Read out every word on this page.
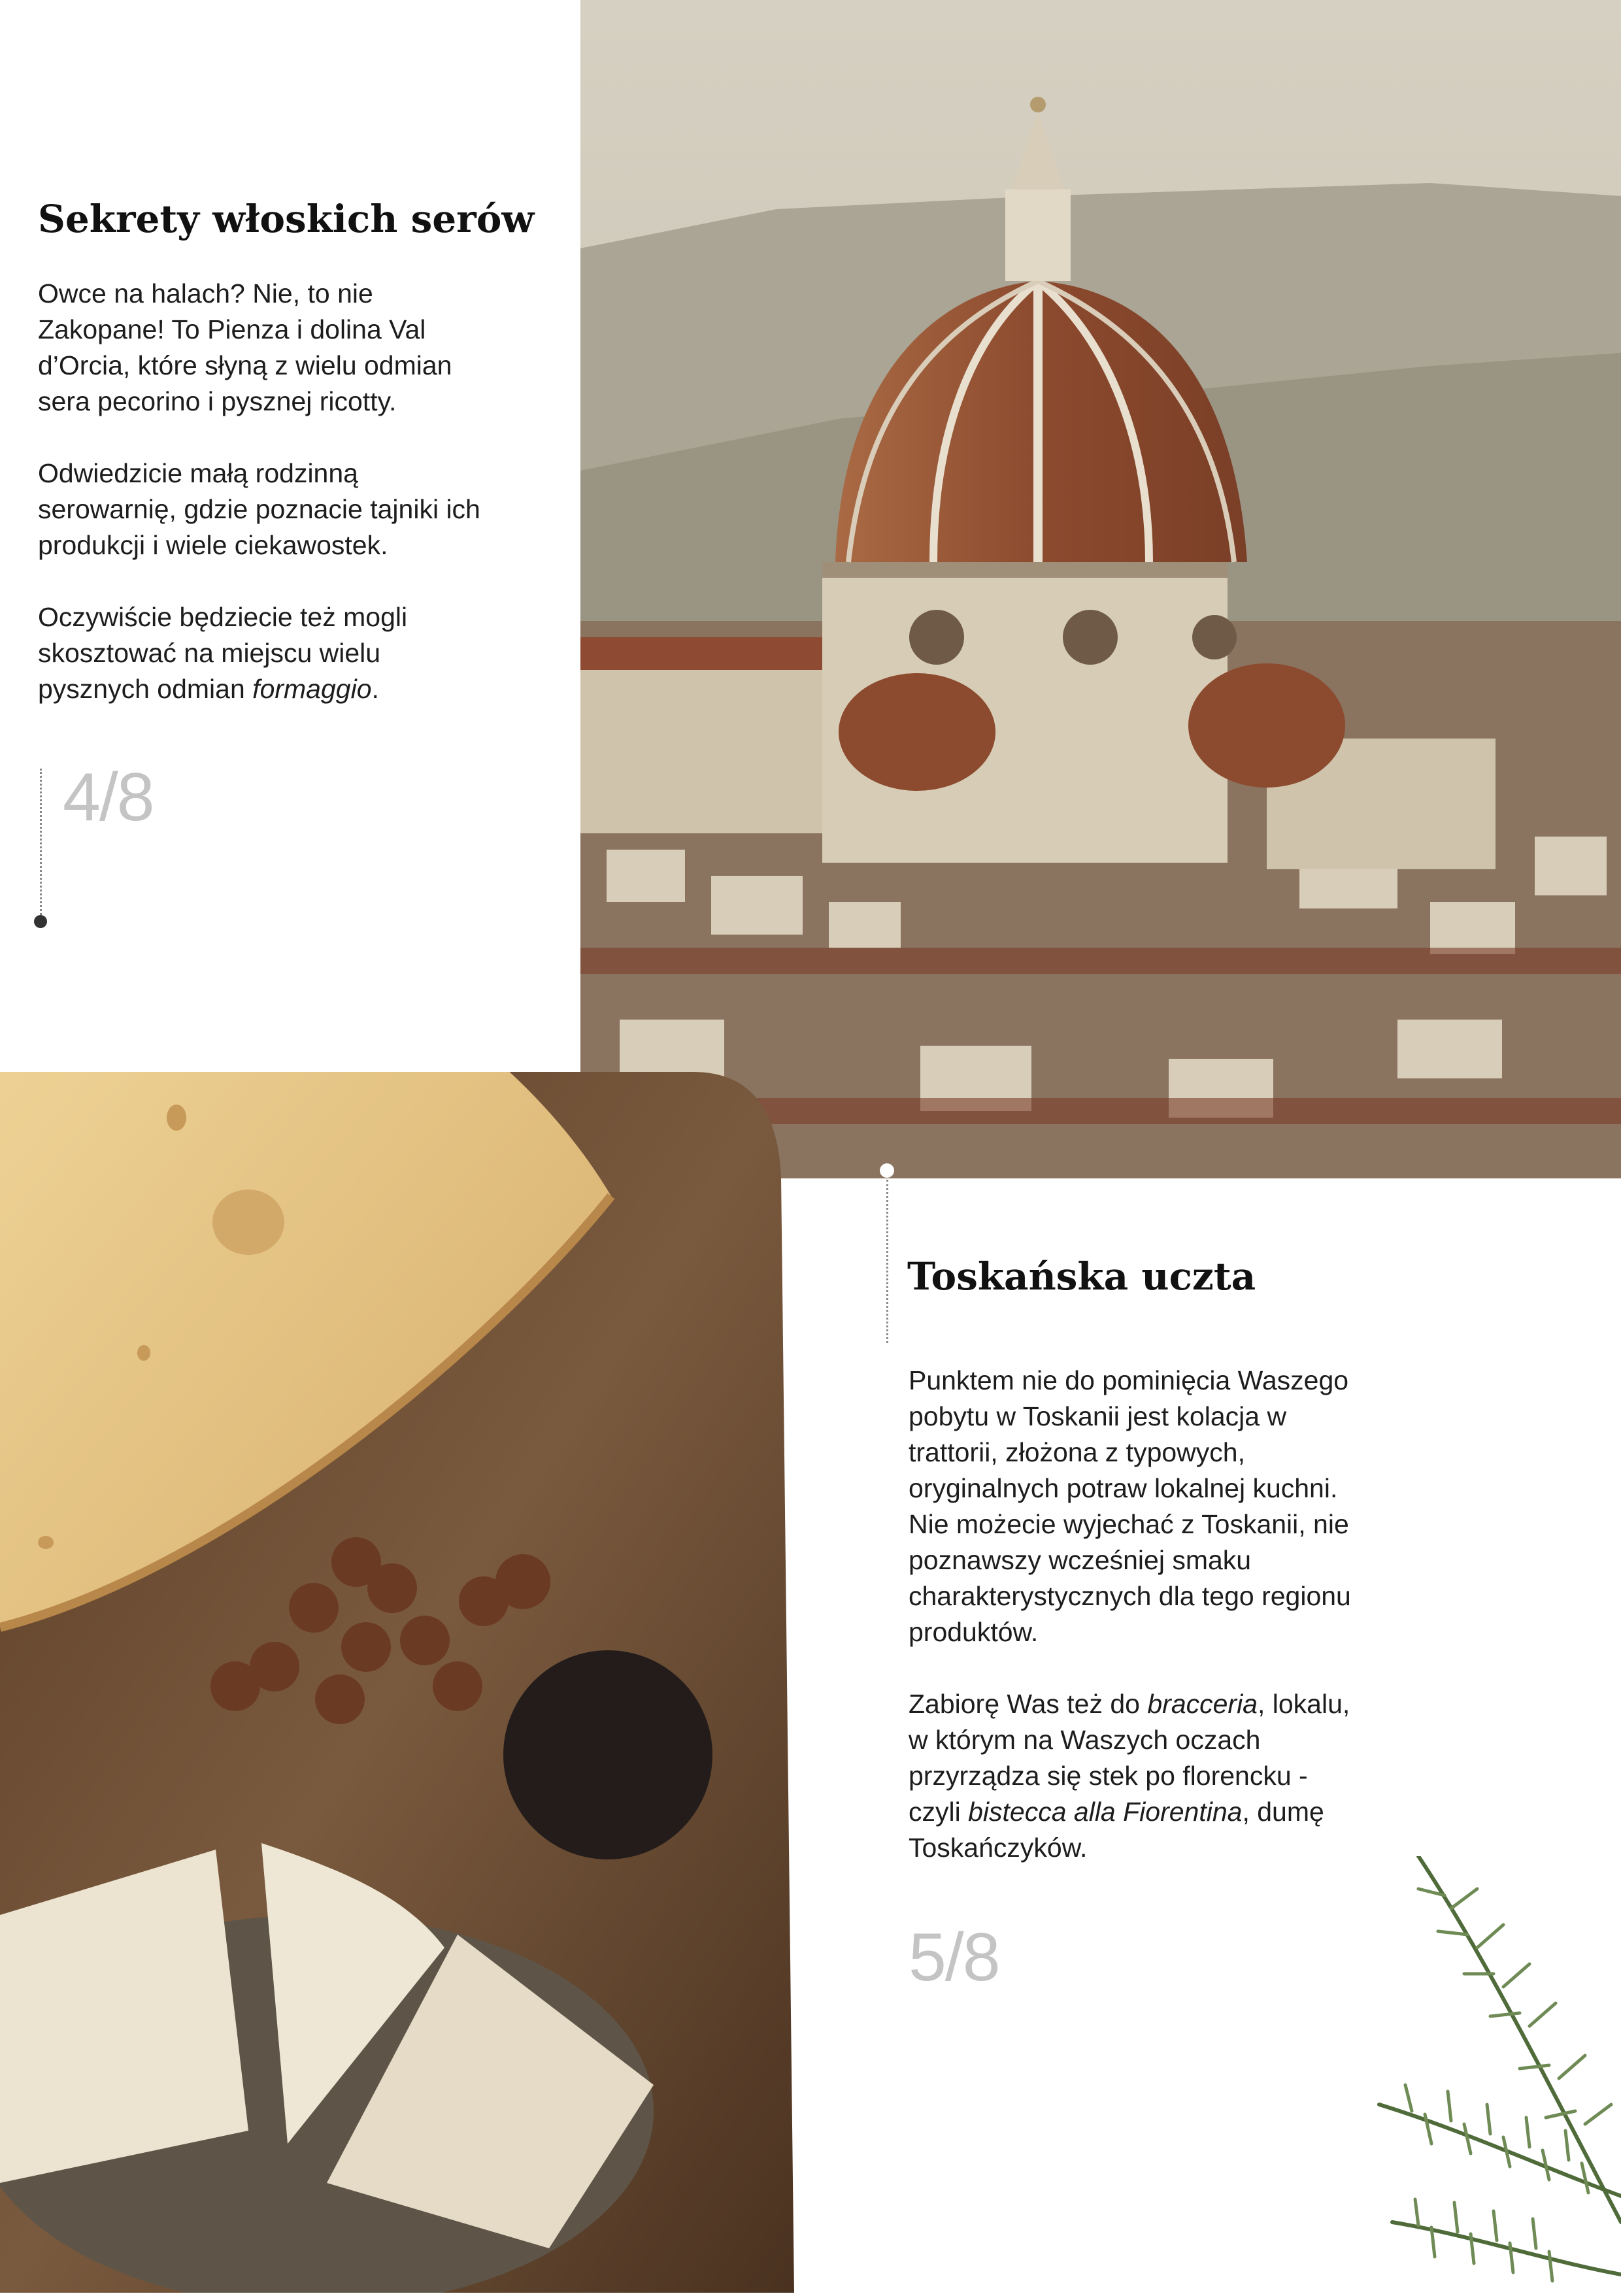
Sekrety włoskich serów

Owce na halach? Nie, to nie Zakopane! To Pienza i dolina Val d’Orcia, które słyną z wielu odmian sera pecorino i pysznej ricotty.

Odwiedzicie małą rodzinną serowarnię, gdzie poznacie tajniki ich produkcji i wiele ciekawostek.

Oczywiście będziecie też mogli skosztować na miejscu wielu pysznych odmian formaggio.

4/8
Toskańska uczta

Punktem nie do pominięcia Waszego pobytu w Toskanii jest kolacja w trattorii, złożona z typowych, oryginalnych potraw lokalnej kuchni. Nie możecie wyjechać z Toskanii, nie poznawszy wcześniej smaku charakterystycznych dla tego regionu produktów.

Zabiorę Was też do bracceria, lokalu, w którym na Waszych oczach przyrządza się stek po florencku - czyli bistecca alla Fiorentina, dumę Toskańczyków.

5/8
